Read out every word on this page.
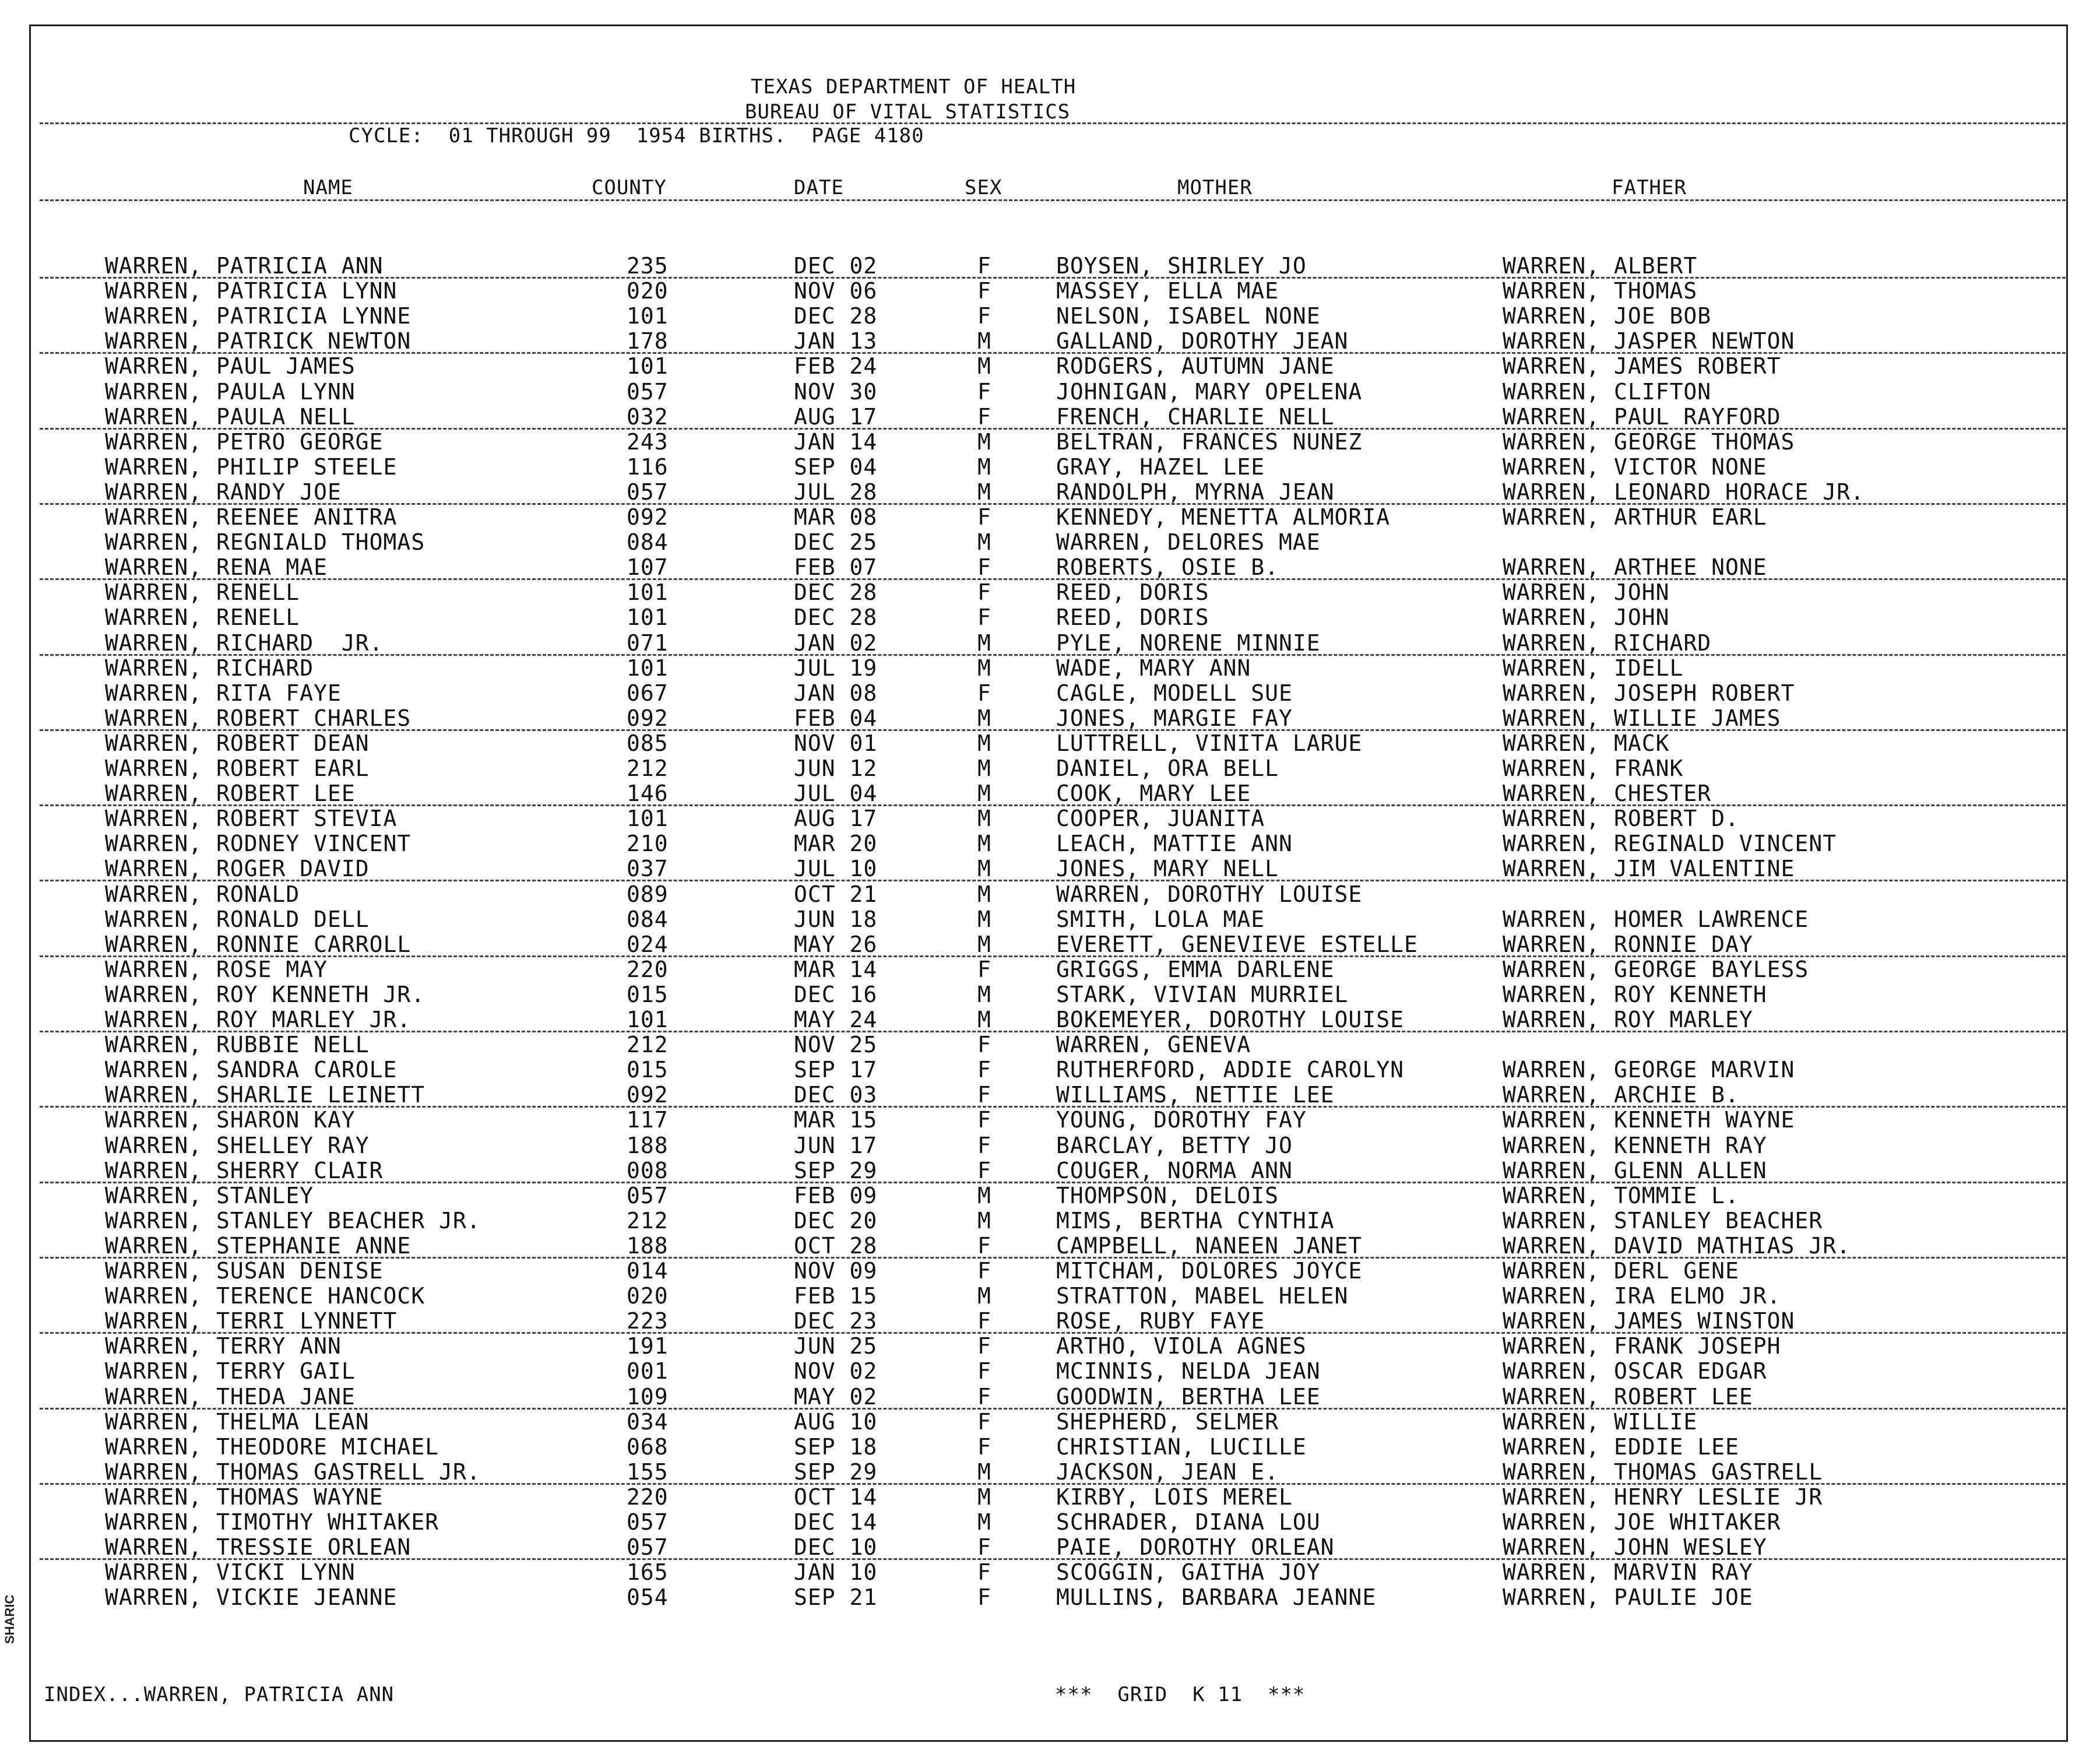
TEXAS DEPARTMENT OF HEALTH
BUREAU OF VITAL STATISTICS
CYCLE:  01 THROUGH 99  1954 BIRTHS.  PAGE 4180
NAME	COUNTY	DATE	SEX	MOTHER	FATHER
WARREN, PATRICIA ANN	235	DEC 02	F	BOYSEN, SHIRLEY JO	WARREN, ALBERT
WARREN, PATRICIA LYNN	020	NOV 06	F	MASSEY, ELLA MAE	WARREN, THOMAS
WARREN, PATRICIA LYNNE	101	DEC 28	F	NELSON, ISABEL NONE	WARREN, JOE BOB
WARREN, PATRICK NEWTON	178	JAN 13	M	GALLAND, DOROTHY JEAN	WARREN, JASPER NEWTON
WARREN, PAUL JAMES	101	FEB 24	M	RODGERS, AUTUMN JANE	WARREN, JAMES ROBERT
WARREN, PAULA LYNN	057	NOV 30	F	JOHNIGAN, MARY OPELENA	WARREN, CLIFTON
WARREN, PAULA NELL	032	AUG 17	F	FRENCH, CHARLIE NELL	WARREN, PAUL RAYFORD
WARREN, PETRO GEORGE	243	JAN 14	M	BELTRAN, FRANCES NUNEZ	WARREN, GEORGE THOMAS
WARREN, PHILIP STEELE	116	SEP 04	M	GRAY, HAZEL LEE	WARREN, VICTOR NONE
WARREN, RANDY JOE	057	JUL 28	M	RANDOLPH, MYRNA JEAN	WARREN, LEONARD HORACE JR.
WARREN, REENEE ANITRA	092	MAR 08	F	KENNEDY, MENETTA ALMORIA	WARREN, ARTHUR EARL
WARREN, REGNIALD THOMAS	084	DEC 25	M	WARREN, DELORES MAE
WARREN, RENA MAE	107	FEB 07	F	ROBERTS, OSIE B.	WARREN, ARTHEE NONE
WARREN, RENELL	101	DEC 28	F	REED, DORIS	WARREN, JOHN
WARREN, RENELL	101	DEC 28	F	REED, DORIS	WARREN, JOHN
WARREN, RICHARD  JR.	071	JAN 02	M	PYLE, NORENE MINNIE	WARREN, RICHARD
WARREN, RICHARD	101	JUL 19	M	WADE, MARY ANN	WARREN, IDELL
WARREN, RITA FAYE	067	JAN 08	F	CAGLE, MODELL SUE	WARREN, JOSEPH ROBERT
WARREN, ROBERT CHARLES	092	FEB 04	M	JONES, MARGIE FAY	WARREN, WILLIE JAMES
WARREN, ROBERT DEAN	085	NOV 01	M	LUTTRELL, VINITA LARUE	WARREN, MACK
WARREN, ROBERT EARL	212	JUN 12	M	DANIEL, ORA BELL	WARREN, FRANK
WARREN, ROBERT LEE	146	JUL 04	M	COOK, MARY LEE	WARREN, CHESTER
WARREN, ROBERT STEVIA	101	AUG 17	M	COOPER, JUANITA	WARREN, ROBERT D.
WARREN, RODNEY VINCENT	210	MAR 20	M	LEACH, MATTIE ANN	WARREN, REGINALD VINCENT
WARREN, ROGER DAVID	037	JUL 10	M	JONES, MARY NELL	WARREN, JIM VALENTINE
WARREN, RONALD	089	OCT 21	M	WARREN, DOROTHY LOUISE
WARREN, RONALD DELL	084	JUN 18	M	SMITH, LOLA MAE	WARREN, HOMER LAWRENCE
WARREN, RONNIE CARROLL	024	MAY 26	M	EVERETT, GENEVIEVE ESTELLE	WARREN, RONNIE DAY
WARREN, ROSE MAY	220	MAR 14	F	GRIGGS, EMMA DARLENE	WARREN, GEORGE BAYLESS
WARREN, ROY KENNETH JR.	015	DEC 16	M	STARK, VIVIAN MURRIEL	WARREN, ROY KENNETH
WARREN, ROY MARLEY JR.	101	MAY 24	M	BOKEMEYER, DOROTHY LOUISE	WARREN, ROY MARLEY
WARREN, RUBBIE NELL	212	NOV 25	F	WARREN, GENEVA
WARREN, SANDRA CAROLE	015	SEP 17	F	RUTHERFORD, ADDIE CAROLYN	WARREN, GEORGE MARVIN
WARREN, SHARLIE LEINETT	092	DEC 03	F	WILLIAMS, NETTIE LEE	WARREN, ARCHIE B.
WARREN, SHARON KAY	117	MAR 15	F	YOUNG, DOROTHY FAY	WARREN, KENNETH WAYNE
WARREN, SHELLEY RAY	188	JUN 17	F	BARCLAY, BETTY JO	WARREN, KENNETH RAY
WARREN, SHERRY CLAIR	008	SEP 29	F	COUGER, NORMA ANN	WARREN, GLENN ALLEN
WARREN, STANLEY	057	FEB 09	M	THOMPSON, DELOIS	WARREN, TOMMIE L.
WARREN, STANLEY BEACHER JR.	212	DEC 20	M	MIMS, BERTHA CYNTHIA	WARREN, STANLEY BEACHER
WARREN, STEPHANIE ANNE	188	OCT 28	F	CAMPBELL, NANEEN JANET	WARREN, DAVID MATHIAS JR.
WARREN, SUSAN DENISE	014	NOV 09	F	MITCHAM, DOLORES JOYCE	WARREN, DERL GENE
WARREN, TERENCE HANCOCK	020	FEB 15	M	STRATTON, MABEL HELEN	WARREN, IRA ELMO JR.
WARREN, TERRI LYNNETT	223	DEC 23	F	ROSE, RUBY FAYE	WARREN, JAMES WINSTON
WARREN, TERRY ANN	191	JUN 25	F	ARTHO, VIOLA AGNES	WARREN, FRANK JOSEPH
WARREN, TERRY GAIL	001	NOV 02	F	MCINNIS, NELDA JEAN	WARREN, OSCAR EDGAR
WARREN, THEDA JANE	109	MAY 02	F	GOODWIN, BERTHA LEE	WARREN, ROBERT LEE
WARREN, THELMA LEAN	034	AUG 10	F	SHEPHERD, SELMER	WARREN, WILLIE
WARREN, THEODORE MICHAEL	068	SEP 18	F	CHRISTIAN, LUCILLE	WARREN, EDDIE LEE
WARREN, THOMAS GASTRELL JR.	155	SEP 29	M	JACKSON, JEAN E.	WARREN, THOMAS GASTRELL
WARREN, THOMAS WAYNE	220	OCT 14	M	KIRBY, LOIS MEREL	WARREN, HENRY LESLIE JR
WARREN, TIMOTHY WHITAKER	057	DEC 14	M	SCHRADER, DIANA LOU	WARREN, JOE WHITAKER
WARREN, TRESSIE ORLEAN	057	DEC 10	F	PAIE, DOROTHY ORLEAN	WARREN, JOHN WESLEY
WARREN, VICKI LYNN	165	JAN 10	F	SCOGGIN, GAITHA JOY	WARREN, MARVIN RAY
WARREN, VICKIE JEANNE	054	SEP 21	F	MULLINS, BARBARA JEANNE	WARREN, PAULIE JOE
INDEX...WARREN, PATRICIA ANN	***  GRID  K 11  ***
SHARIC
